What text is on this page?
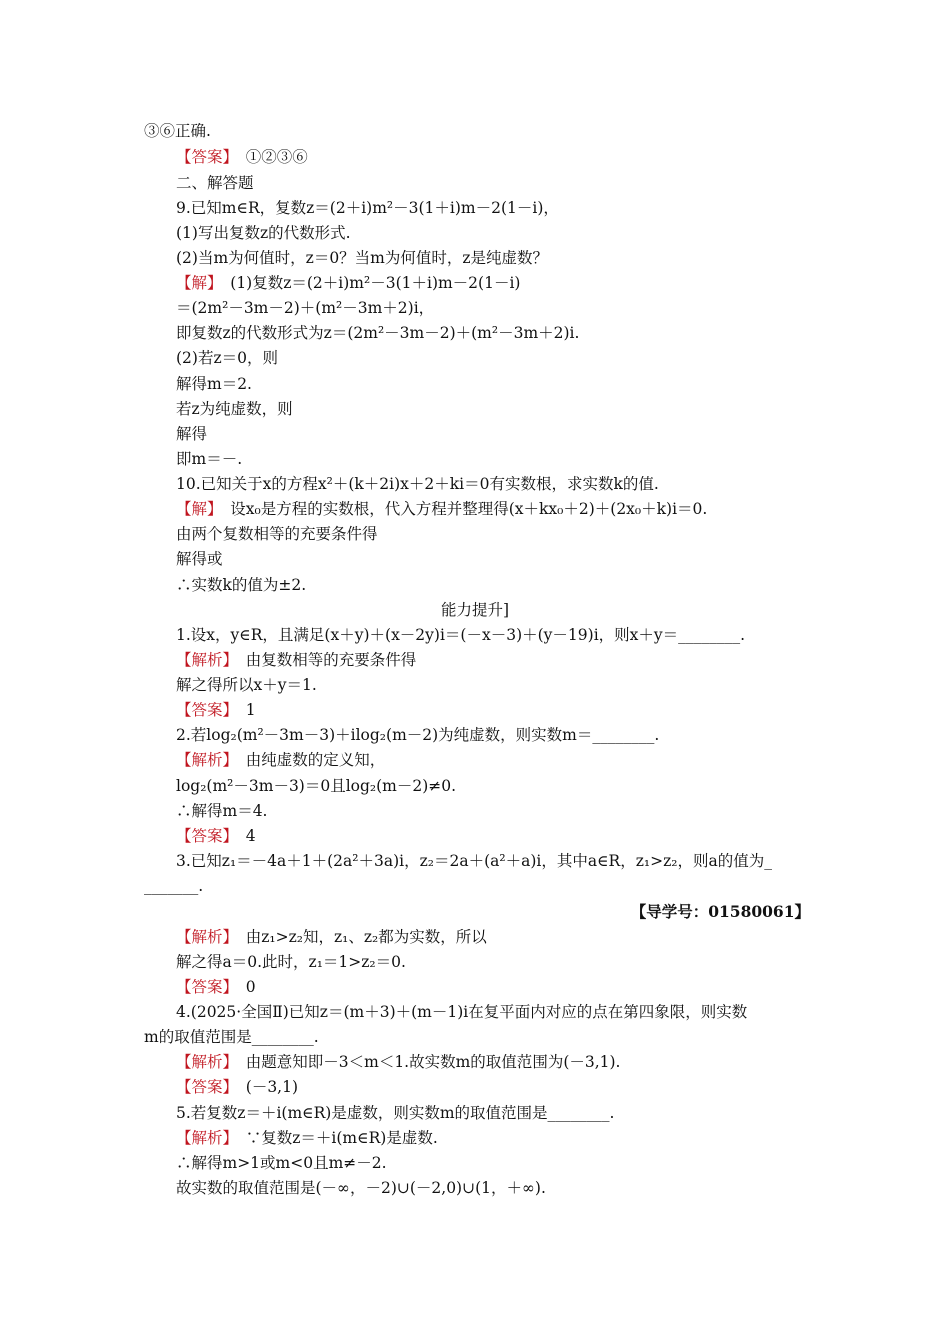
③⑥正确.
【答案】　①②③⑥
二、解答题
9.已知m∈R，复数z＝(2＋i)m²－3(1＋i)m－2(1－i)，
(1)写出复数z的代数形式.
(2)当m为何值时，z＝0？当m为何值时，z是纯虚数？
【解】　(1)复数z＝(2＋i)m²－3(1＋i)m－2(1－i)
＝(2m²－3m－2)＋(m²－3m＋2)i，
即复数z的代数形式为z＝(2m²－3m－2)＋(m²－3m＋2)i.
(2)若z＝0，则
解得m＝2.
若z为纯虚数，则
解得
即m＝－.
10.已知关于x的方程x²＋(k＋2i)x＋2＋ki＝0有实数根，求实数k的值.
【解】　设x₀是方程的实数根，代入方程并整理得(x＋kx₀＋2)＋(2x₀＋k)i＝0.
由两个复数相等的充要条件得
解得或
∴实数k的值为±2.
能力提升]
1.设x，y∈R，且满足(x＋y)＋(x－2y)i＝(－x－3)＋(y－19)i，则x＋y＝________.
【解析】　由复数相等的充要条件得
解之得所以x＋y＝1.
【答案】　1
2.若log₂(m²－3m－3)＋ilog₂(m－2)为纯虚数，则实数m＝________.
【解析】　由纯虚数的定义知，
log₂(m²－3m－3)＝0且log₂(m－2)≠0.
∴解得m＝4.
【答案】　4
3.已知z₁＝－4a＋1＋(2a²＋3a)i，z₂＝2a＋(a²＋a)i，其中a∈R，z₁>z₂，则a的值为_
_______.
【导学号：01580061】
【解析】　由z₁>z₂知，z₁、z₂都为实数，所以
解之得a＝0.此时，z₁＝1>z₂＝0.
【答案】　0
4.(2025·全国Ⅱ)已知z＝(m＋3)＋(m－1)i在复平面内对应的点在第四象限，则实数
m的取值范围是________.
【解析】　由题意知即－3＜m＜1.故实数m的取值范围为(－3,1).
【答案】　(－3,1)
5.若复数z＝＋i(m∈R)是虚数，则实数m的取值范围是________.
【解析】　∵复数z＝＋i(m∈R)是虚数.
∴解得m>1或m<0且m≠－2.
故实数的取值范围是(－∞，－2)∪(－2,0)∪(1，＋∞).
